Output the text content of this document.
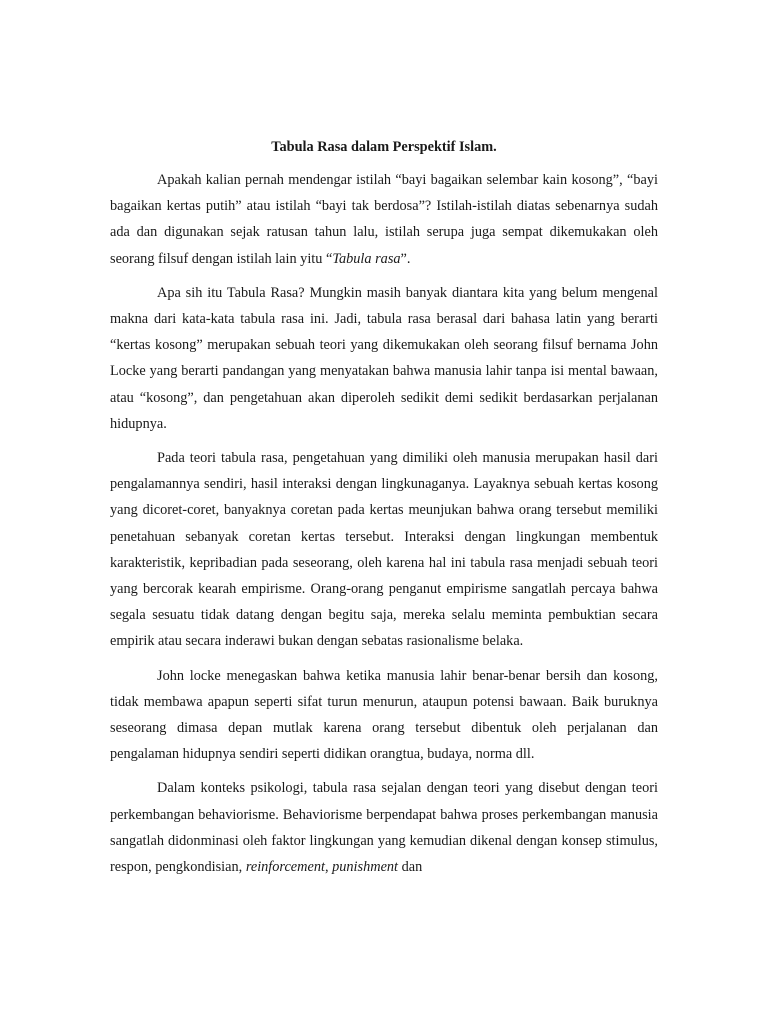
Tabula Rasa dalam Perspektif Islam.

Apakah kalian pernah mendengar istilah “bayi bagaikan selembar kain kosong”, “bayi bagaikan kertas putih” atau istilah “bayi tak berdosa”? Istilah-istilah diatas sebenarnya sudah ada dan digunakan sejak ratusan tahun lalu, istilah serupa juga sempat dikemukakan oleh seorang filsuf dengan istilah lain yitu “Tabula rasa”.

Apa sih itu Tabula Rasa? Mungkin masih banyak diantara kita yang belum mengenal makna dari kata-kata tabula rasa ini. Jadi, tabula rasa berasal dari bahasa latin yang berarti “kertas kosong” merupakan sebuah teori yang dikemukakan oleh seorang filsuf bernama John Locke yang berarti pandangan yang menyatakan bahwa manusia lahir tanpa isi mental bawaan, atau “kosong”, dan pengetahuan akan diperoleh sedikit demi sedikit berdasarkan perjalanan hidupnya.

Pada teori tabula rasa, pengetahuan yang dimiliki oleh manusia merupakan hasil dari pengalamannya sendiri, hasil interaksi dengan lingkunaganya. Layaknya sebuah kertas kosong yang dicoret-coret, banyaknya coretan pada kertas meunjukan bahwa orang tersebut memiliki penetahuan sebanyak coretan kertas tersebut. Interaksi dengan lingkungan membentuk karakteristik, kepribadian pada seseorang, oleh karena hal ini tabula rasa menjadi sebuah teori yang bercorak kearah empirisme. Orang-orang penganut empirisme sangatlah percaya bahwa segala sesuatu tidak datang dengan begitu saja, mereka selalu meminta pembuktian secara empirik atau secara inderawi bukan dengan sebatas rasionalisme belaka.

John locke menegaskan bahwa ketika manusia lahir benar-benar bersih dan kosong, tidak membawa apapun seperti sifat turun menurun, ataupun potensi bawaan. Baik buruknya seseorang dimasa depan mutlak karena orang tersebut dibentuk oleh perjalanan dan pengalaman hidupnya sendiri seperti didikan orangtua, budaya, norma dll.

Dalam konteks psikologi, tabula rasa sejalan dengan teori yang disebut dengan teori perkembangan behaviorisme. Behaviorisme berpendapat bahwa proses perkembangan manusia sangatlah didonminasi oleh faktor lingkungan yang kemudian dikenal dengan konsep stimulus, respon, pengkondisian, reinforcement, punishment dan
